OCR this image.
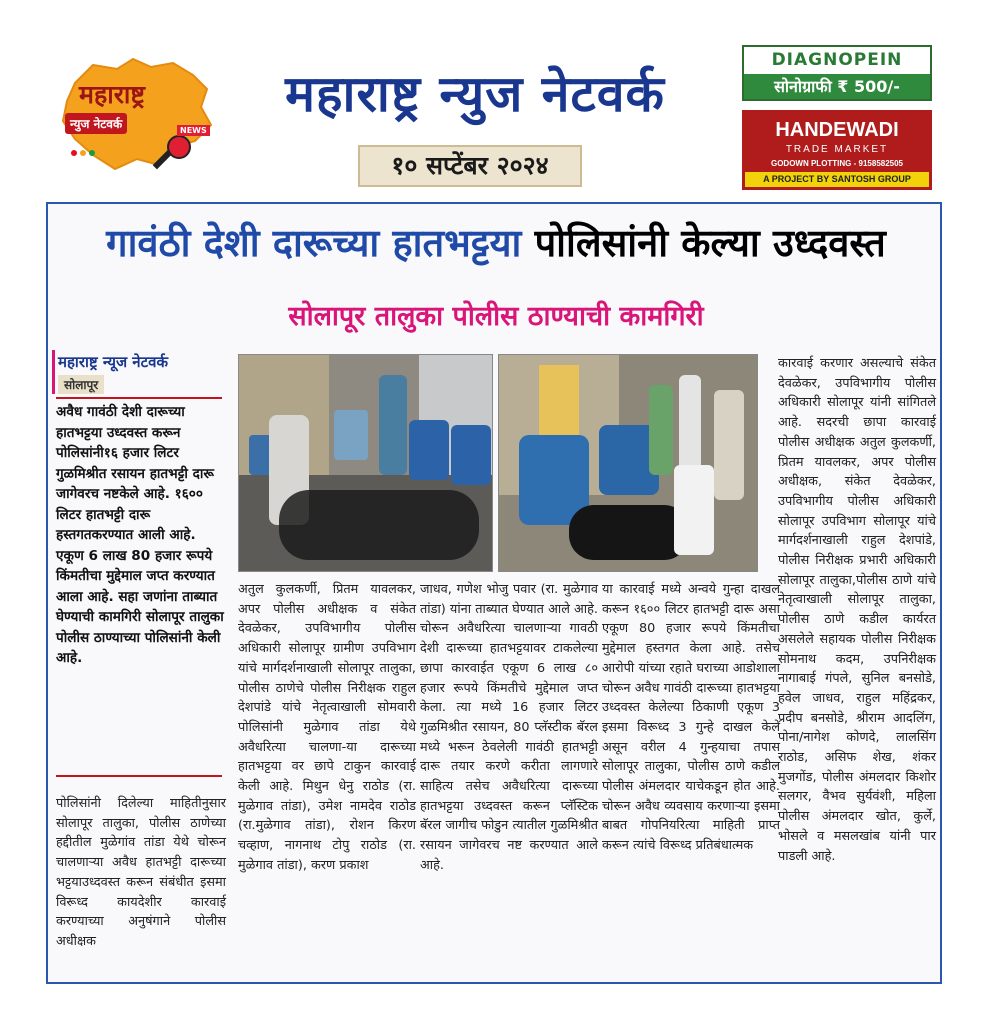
महाराष्ट्र
न्युज नेटवर्क	NEWS
महाराष्ट्र न्युज नेटवर्क
१० सप्टेंबर २०२४
DIAGNOPEIN
सोनोग्राफी ₹ 500/-
HANDEWADI
TRADE MARKET
GODOWN PLOTTING - 9158582505
A PROJECT BY SANTOSH GROUP
गावंठी देशी दारूच्या हातभट्टया पोलिसांनी केल्या उध्दवस्त
सोलापूर तालुका पोलीस ठाण्याची कामगिरी
महाराष्ट्र न्यूज नेटवर्क
सोलापूर
अवैध गावंठी देशी दारूच्या हातभट्टया उध्दवस्त करून पोलिसांनी१६ हजार लिटर गुळमिश्रीत रसायन हातभट्टी दारू जागेवरच नष्टकेले आहे. १६०० लिटर हातभट्टी दारू हस्तगतकरण्यात आली आहे. एकूण 6 लाख 80 हजार रूपये किंमतीचा मुद्देमाल जप्त करण्यात आला आहे. सहा जणांना ताब्यात घेण्याची कामगिरी सोलापूर तालुका पोलीस ठाण्याच्या पोलिसांनी केली आहे.
पोलिसांनी दिलेल्या माहितीनुसार सोलापूर तालुका, पोलीस ठाणेच्या हद्दीतील मुळेगांव तांडा येथे चोरून चालणाऱ्या अवैध हातभट्टी दारूच्या भट्टयाउध्दवस्त करून संबंधीत इसमा विरूध्द कायदेशीर कारवाई करण्याच्या अनुषंगाने पोलीस अधीक्षक
अतुल कुलकर्णी, प्रितम यावलकर, अपर पोलीस अधीक्षक व संकेत देवळेकर, उपविभागीय पोलीस अधिकारी सोलापूर ग्रामीण उपविभाग यांचे मार्गदर्शनाखाली सोलापूर तालुका, पोलीस ठाणेचे पोलीस निरीक्षक राहुल देशपांडे यांचे नेतृत्वाखाली सोमवारी पोलिसांनी मुळेगाव तांडा येथे अवैधरित्या चालणा-या दारूच्या हातभट्टया वर छापे टाकुन कारवाई केली आहे. मिथुन धेनु राठोड (रा. मुळेगाव तांडा), उमेश नामदेव राठोड (रा.मुळेगाव तांडा), रोशन किरण चव्हाण, नागनाथ टोपु राठोड (रा. मुळेगाव तांडा), करण प्रकाश
जाधव, गणेश भोजु पवार (रा. मुळेगाव तांडा) यांना ताब्यात घेण्यात आले आहे. चोरून अवैधरित्या चालणाऱ्या गावठी देशी दारूच्या हातभट्टयावर टाकलेल्या छापा कारवाईत एकूण 6 लाख ८० हजार रूपये किंमतीचे मुद्देमाल जप्त केला. त्या मध्ये 16 हजार लिटर गुळमिश्रीत रसायन, 80 प्लॅस्टीक बॅरल मध्ये भरून ठेवलेली गावंठी हातभट्टी दारू तयार करणे करीता लागणारे साहित्य तसेच अवैधरित्या दारूच्या हातभट्टया उध्दवस्त करून प्लॅस्टिक बॅरल जागीच फोडुन त्यातील गुळमिश्रीत रसायन जागेवरच नष्ट करण्यात आले आहे.
या कारवाई मध्ये अन्वये गुन्हा दाखल करून १६०० लिटर हातभट्टी दारू असा एकूण 80 हजार रूपये किंमतीचा मुद्देमाल हस्तगत केला आहे. तसेच आरोपी यांच्या रहाते घराच्या आडोशाला चोरून अवैध गावंठी दारूच्या हातभट्टया उध्दवस्त केलेल्या ठिकाणी एकूण 3 इसमा विरूध्द 3 गुन्हे दाखल केले असून वरील 4 गुन्हयाचा तपास सोलापूर तालुका, पोलीस ठाणे कडील पोलीस अंमलदार याचेकडून होत आहे. चोरून अवैध व्यवसाय करणाऱ्या इसमा बाबत गोपनियरित्या माहिती प्राप्त करून त्यांचे विरूध्द प्रतिबंधात्मक
कारवाई करणार असल्याचे संकेत देवळेकर, उपविभागीय पोलीस अधिकारी सोलापूर यांनी सांगितले आहे. सदरची छापा कारवाई पोलीस अधीक्षक अतुल कुलकर्णी, प्रितम यावलकर, अपर पोलीस अधीक्षक, संकेत देवळेकर, उपविभागीय पोलीस अधिकारी सोलापूर उपविभाग सोलापूर यांचे मार्गदर्शनाखाली राहुल देशपांडे, पोलीस निरीक्षक प्रभारी अधिकारी सोलापूर तालुका,पोलीस ठाणे यांचे नेतृत्वाखाली सोलापूर तालुका, पोलीस ठाणे कडील कार्यरत असलेले सहायक पोलीस निरीक्षक सोमनाथ कदम, उपनिरीक्षक नागाबाई गंपले, सुनिल बनसोडे, हवेल जाधव, राहुल महिंद्रकर, प्रदीप बनसोडे, श्रीराम आदलिंग, पोना/नागेश कोणदे, लालसिंग राठोड, असिफ शेख, शंकर मुजगोंड, पोलीस अंमलदार किशोर सलगर, वैभव सुर्यवंशी, महिला पोलीस अंमलदार खोत, कुर्ले, भोसले व मसलखांब यांनी पार पाडली आहे.
